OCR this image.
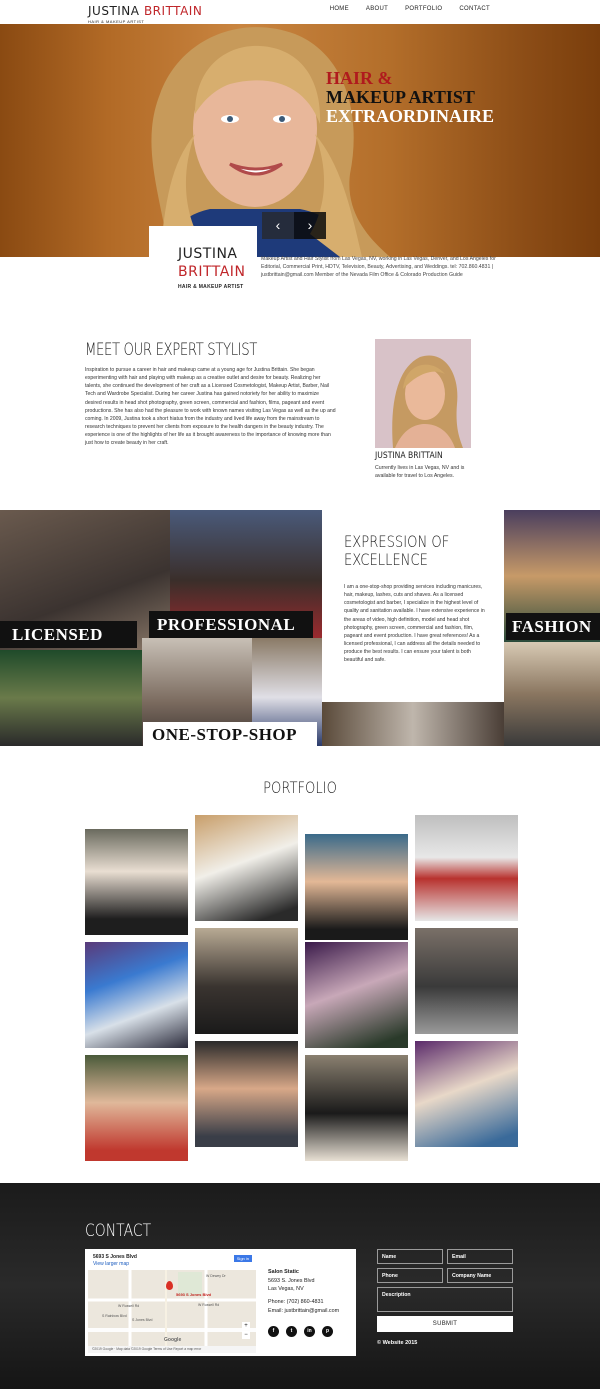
JUSTINA BRITTAIN
HAIR & MAKEUP ARTIST
HOME	ABOUT	PORTFOLIO	CONTACT
HAIR &
MAKEUP ARTIST
EXTRAORDINAIRE
‹	›
JUSTINA
BRITTAIN
HAIR & MAKEUP ARTIST

Makeup Artist and Hair Stylist from Las Vegas, NV, working in Las Vegas, Denver, and Los Angeles for Editorial, Commercial Print, HDTV, Television, Beauty, Advertising, and Weddings. tel: 702.860.4831 | justbrittain@gmail.com Member of the Nevada Film Office & Colorado Production Guide

MEET OUR EXPERT STYLIST

Inspiration to pursue a career in hair and makeup came at a young age for Justina Brittain. She began experimenting with hair and playing with makeup as a creative outlet and desire for beauty. Realizing her talents, she continued the development of her craft as a Licensed Cosmetologist, Makeup Artist, Barber, Nail Tech and Wardrobe Specialist. During her career Justina has gained notoriety for her ability to maximize desired results in head shot photography, green screen, commercial and fashion, films, pageant and event productions. She has also had the pleasure to work with known names visiting Las Vegas as well as the up and coming. In 2009, Justina took a short hiatus from the industry and lived life away from the mainstream to research techniques to prevent her clients from exposure to the health dangers in the beauty industry. The experience is one of the highlights of her life as it brought awareness to the importance of knowing more than just how to create beauty in her craft.

JUSTINA BRITTAIN

Currently lives in Las Vegas, NV and is available for travel to Los Angeles.

LICENSED
PROFESSIONAL	FASHION
ONE-STOP-SHOP
EXPRESSION OF EXCELLENCE

I am a one-stop-shop providing services including manicures, hair, makeup, lashes, cuts and shaves. As a licensed cosmetologist and barber, I specialize in the highest level of quality and sanitation available. I have extensive experience in the areas of video, high definition, model and head shot photography, green screen, commercial and fashion, film, pageant and event production. I have great references! As a licensed professional, I can address all the details needed to produce the best results. I can ensure your talent is both beautiful and safe.

PORTFOLIO
CONTACT
5693 S Jones Blvd
View larger map
Sign in
5693 S Jones Blvd
W Dewey Dr
W Russell Rd	W Russell Rd
S Jones Blvd
S Rainbow Blvd
Google
+
−
©2019 Google · Map data ©2019 Google Terms of Use Report a map error
Salon Static
5693 S. Jones Blvd
Las Vegas, NV

Phone: (702) 860-4831
Email: justbrittain@gmail.com
f	t	in	p
Name	Email
Phone	Company Name
Description
SUBMIT
© Website 2015
